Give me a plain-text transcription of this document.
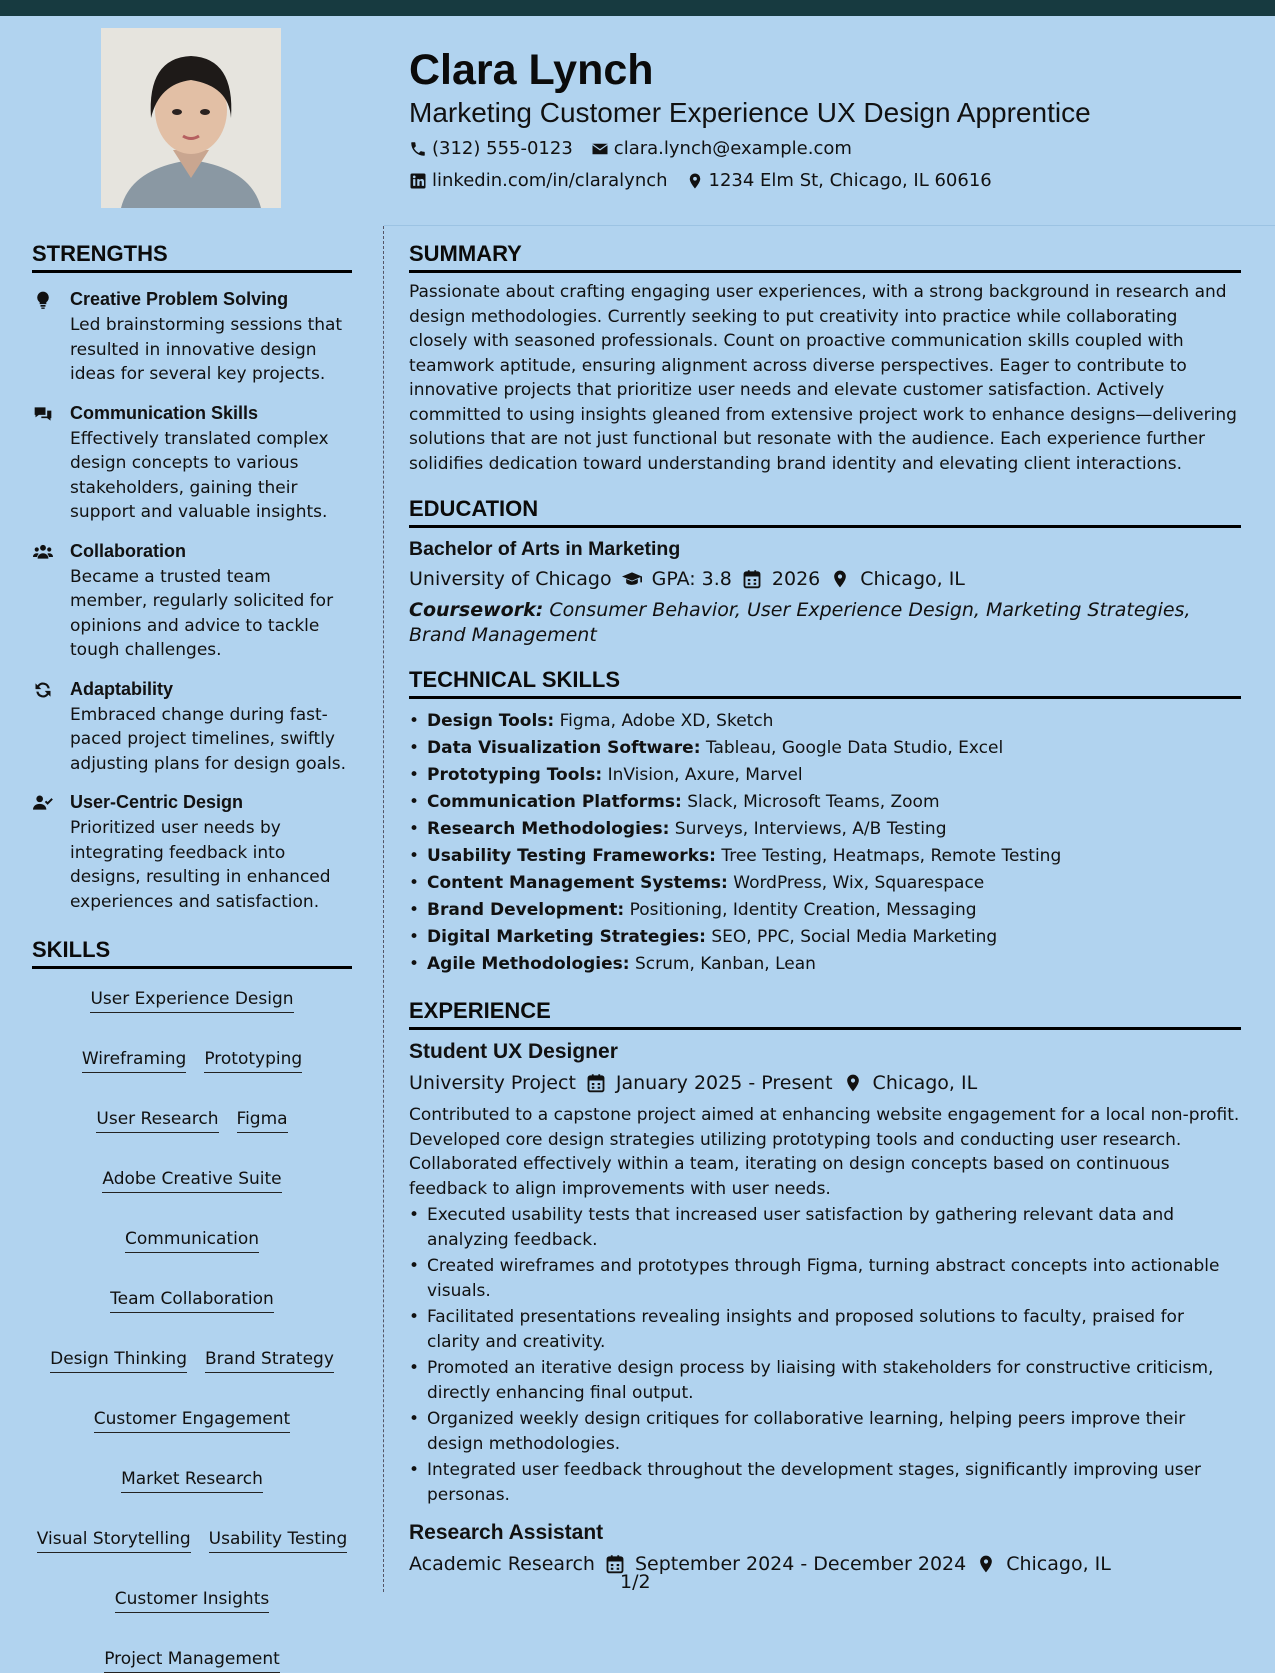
Clara Lynch
Marketing Customer Experience UX Design Apprentice
(312) 555-0123 clara.lynch@example.com
linkedin.com/in/claralynch 1234 Elm St, Chicago, IL 60616
STRENGTHS
Creative Problem Solving
Led brainstorming sessions that resulted in innovative design ideas for several key projects.
Communication Skills
Effectively translated complex design concepts to various stakeholders, gaining their support and valuable insights.
Collaboration
Became a trusted team member, regularly solicited for opinions and advice to tackle tough challenges.
Adaptability
Embraced change during fast-paced project timelines, swiftly adjusting plans for design goals.
User-Centric Design
Prioritized user needs by integrating feedback into designs, resulting in enhanced experiences and satisfaction.
SKILLS
User Experience Design
Wireframing Prototyping
User Research Figma
Adobe Creative Suite
Communication
Team Collaboration
Design Thinking Brand Strategy
Customer Engagement
Market Research
Visual Storytelling Usability Testing
Customer Insights
Project Management
SUMMARY
Passionate about crafting engaging user experiences, with a strong background in research and design methodologies. Currently seeking to put creativity into practice while collaborating closely with seasoned professionals. Count on proactive communication skills coupled with teamwork aptitude, ensuring alignment across diverse perspectives. Eager to contribute to innovative projects that prioritize user needs and elevate customer satisfaction. Actively committed to using insights gleaned from extensive project work to enhance designs—delivering solutions that are not just functional but resonate with the audience. Each experience further solidifies dedication toward understanding brand identity and elevating client interactions.
EDUCATION
Bachelor of Arts in Marketing
University of Chicago GPA: 3.8 2026 Chicago, IL
Coursework: Consumer Behavior, User Experience Design, Marketing Strategies, Brand Management
TECHNICAL SKILLS
• Design Tools: Figma, Adobe XD, Sketch
• Data Visualization Software: Tableau, Google Data Studio, Excel
• Prototyping Tools: InVision, Axure, Marvel
• Communication Platforms: Slack, Microsoft Teams, Zoom
• Research Methodologies: Surveys, Interviews, A/B Testing
• Usability Testing Frameworks: Tree Testing, Heatmaps, Remote Testing
• Content Management Systems: WordPress, Wix, Squarespace
• Brand Development: Positioning, Identity Creation, Messaging
• Digital Marketing Strategies: SEO, PPC, Social Media Marketing
• Agile Methodologies: Scrum, Kanban, Lean
EXPERIENCE
Student UX Designer
University Project January 2025 - Present Chicago, IL
Contributed to a capstone project aimed at enhancing website engagement for a local non-profit. Developed core design strategies utilizing prototyping tools and conducting user research. Collaborated effectively within a team, iterating on design concepts based on continuous feedback to align improvements with user needs.
• Executed usability tests that increased user satisfaction by gathering relevant data and analyzing feedback.
• Created wireframes and prototypes through Figma, turning abstract concepts into actionable visuals.
• Facilitated presentations revealing insights and proposed solutions to faculty, praised for clarity and creativity.
• Promoted an iterative design process by liaising with stakeholders for constructive criticism, directly enhancing final output.
• Organized weekly design critiques for collaborative learning, helping peers improve their design methodologies.
• Integrated user feedback throughout the development stages, significantly improving user personas.
Research Assistant
Academic Research September 2024 - December 2024 Chicago, IL
1/2
